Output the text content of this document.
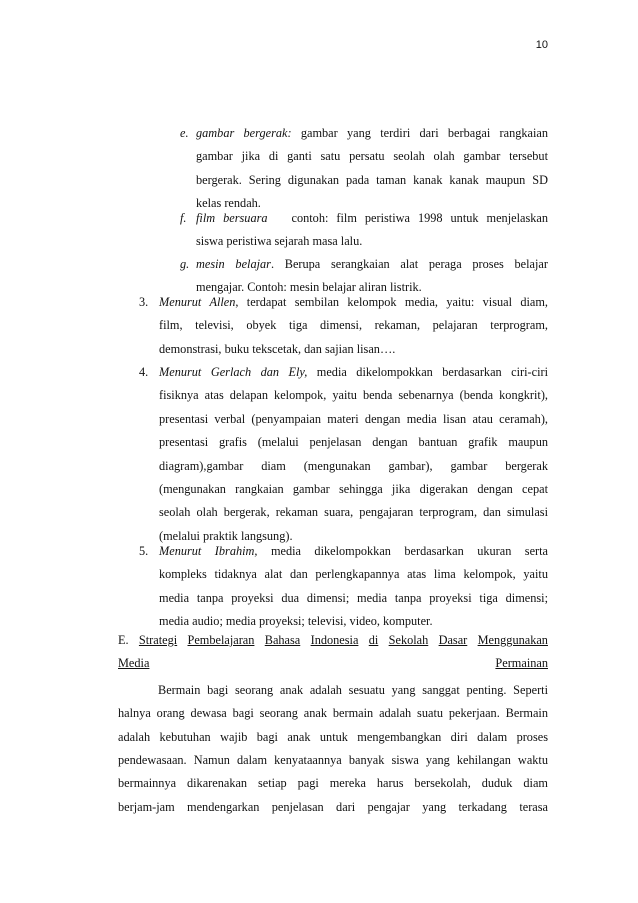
10
e. gambar bergerak: gambar yang terdiri dari berbagai rangkaian
gambar jika di ganti satu persatu seolah olah gambar tersebut
bergerak. Sering digunakan pada taman kanak kanak maupun SD
kelas rendah.
f. film bersuara contoh: film peristiwa 1998 untuk menjelaskan
siswa peristiwa sejarah masa lalu.
g. mesin belajar. Berupa serangkaian alat peraga proses belajar
mengajar. Contoh: mesin belajar aliran listrik.
3. Menurut Allen, terdapat sembilan kelompok media, yaitu: visual diam,
film, televisi, obyek tiga dimensi, rekaman, pelajaran terprogram,
demonstrasi, buku tekscetak, dan sajian lisan….
4. Menurut Gerlach dan Ely, media dikelompokkan berdasarkan ciri-ciri
fisiknya atas delapan kelompok, yaitu benda sebenarnya (benda kongkrit),
presentasi verbal (penyampaian materi dengan media lisan atau ceramah),
presentasi grafis (melalui penjelasan dengan bantuan grafik maupun
diagram),gambar diam (mengunakan gambar), gambar bergerak
(mengunakan rangkaian gambar sehingga jika digerakan dengan cepat
seolah olah bergerak, rekaman suara, pengajaran terprogram, dan simulasi
(melalui praktik langsung).
5. Menurut Ibrahim, media dikelompokkan berdasarkan ukuran serta
kompleks tidaknya alat dan perlengkapannya atas lima kelompok, yaitu
media tanpa proyeksi dua dimensi; media tanpa proyeksi tiga dimensi;
media audio; media proyeksi; televisi, video, komputer.
E. Strategi Pembelajaran Bahasa Indonesia di Sekolah Dasar Menggunakan
Media	Permainan
Bermain bagi seorang anak adalah sesuatu yang sanggat penting. Seperti
halnya orang dewasa bagi seorang anak bermain adalah suatu pekerjaan. Bermain
adalah kebutuhan wajib bagi anak untuk mengembangkan diri dalam proses
pendewasaan. Namun dalam kenyataannya banyak siswa yang kehilangan waktu
bermainnya dikarenakan setiap pagi mereka harus bersekolah, duduk diam
berjam-jam mendengarkan penjelasan dari pengajar yang terkadang terasa
